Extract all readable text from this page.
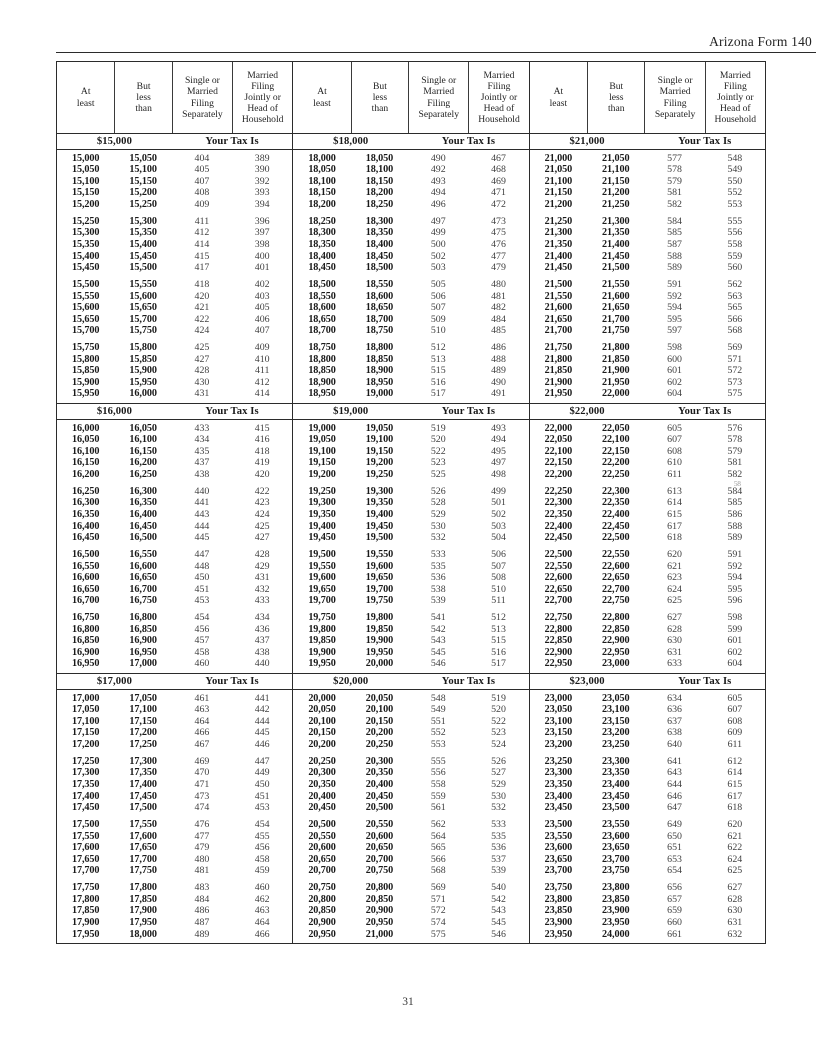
Arizona Form 140
At
least
But
less
than
Single or
Married
Filing
Separately
Married
Filing
Jointly or
Head of
Household
$15,000	Your Tax Is
15,000	15,050	404	389
15,050	15,100	405	390
15,100	15,150	407	392
15,150	15,200	408	393
15,200	15,250	409	394
15,250	15,300	411	396
15,300	15,350	412	397
15,350	15,400	414	398
15,400	15,450	415	400
15,450	15,500	417	401
15,500	15,550	418	402
15,550	15,600	420	403
15,600	15,650	421	405
15,650	15,700	422	406
15,700	15,750	424	407
15,750	15,800	425	409
15,800	15,850	427	410
15,850	15,900	428	411
15,900	15,950	430	412
15,950	16,000	431	414
$16,000	Your Tax Is
16,000	16,050	433	415
16,050	16,100	434	416
16,100	16,150	435	418
16,150	16,200	437	419
16,200	16,250	438	420
16,250	16,300	440	422
16,300	16,350	441	423
16,350	16,400	443	424
16,400	16,450	444	425
16,450	16,500	445	427
16,500	16,550	447	428
16,550	16,600	448	429
16,600	16,650	450	431
16,650	16,700	451	432
16,700	16,750	453	433
16,750	16,800	454	434
16,800	16,850	456	436
16,850	16,900	457	437
16,900	16,950	458	438
16,950	17,000	460	440
$17,000	Your Tax Is
17,000	17,050	461	441
17,050	17,100	463	442
17,100	17,150	464	444
17,150	17,200	466	445
17,200	17,250	467	446
17,250	17,300	469	447
17,300	17,350	470	449
17,350	17,400	471	450
17,400	17,450	473	451
17,450	17,500	474	453
17,500	17,550	476	454
17,550	17,600	477	455
17,600	17,650	479	456
17,650	17,700	480	458
17,700	17,750	481	459
17,750	17,800	483	460
17,800	17,850	484	462
17,850	17,900	486	463
17,900	17,950	487	464
17,950	18,000	489	466
At
least
But
less
than
Single or
Married
Filing
Separately
Married
Filing
Jointly or
Head of
Household
$18,000	Your Tax Is
18,000	18,050	490	467
18,050	18,100	492	468
18,100	18,150	493	469
18,150	18,200	494	471
18,200	18,250	496	472
18,250	18,300	497	473
18,300	18,350	499	475
18,350	18,400	500	476
18,400	18,450	502	477
18,450	18,500	503	479
18,500	18,550	505	480
18,550	18,600	506	481
18,600	18,650	507	482
18,650	18,700	509	484
18,700	18,750	510	485
18,750	18,800	512	486
18,800	18,850	513	488
18,850	18,900	515	489
18,900	18,950	516	490
18,950	19,000	517	491
$19,000	Your Tax Is
19,000	19,050	519	493
19,050	19,100	520	494
19,100	19,150	522	495
19,150	19,200	523	497
19,200	19,250	525	498
19,250	19,300	526	499
19,300	19,350	528	501
19,350	19,400	529	502
19,400	19,450	530	503
19,450	19,500	532	504
19,500	19,550	533	506
19,550	19,600	535	507
19,600	19,650	536	508
19,650	19,700	538	510
19,700	19,750	539	511
19,750	19,800	541	512
19,800	19,850	542	513
19,850	19,900	543	515
19,900	19,950	545	516
19,950	20,000	546	517
$20,000	Your Tax Is
20,000	20,050	548	519
20,050	20,100	549	520
20,100	20,150	551	522
20,150	20,200	552	523
20,200	20,250	553	524
20,250	20,300	555	526
20,300	20,350	556	527
20,350	20,400	558	529
20,400	20,450	559	530
20,450	20,500	561	532
20,500	20,550	562	533
20,550	20,600	564	535
20,600	20,650	565	536
20,650	20,700	566	537
20,700	20,750	568	539
20,750	20,800	569	540
20,800	20,850	571	542
20,850	20,900	572	543
20,900	20,950	574	545
20,950	21,000	575	546
At
least
But
less
than
Single or
Married
Filing
Separately
Married
Filing
Jointly or
Head of
Household
$21,000	Your Tax Is
21,000	21,050	577	548
21,050	21,100	578	549
21,100	21,150	579	550
21,150	21,200	581	552
21,200	21,250	582	553
21,250	21,300	584	555
21,300	21,350	585	556
21,350	21,400	587	558
21,400	21,450	588	559
21,450	21,500	589	560
21,500	21,550	591	562
21,550	21,600	592	563
21,600	21,650	594	565
21,650	21,700	595	566
21,700	21,750	597	568
21,750	21,800	598	569
21,800	21,850	600	571
21,850	21,900	601	572
21,900	21,950	602	573
21,950	22,000	604	575
$22,000	Your Tax Is
22,000	22,050	605	576
22,050	22,100	607	578
22,100	22,150	608	579
22,150	22,200	610	581
22,200	22,250	611	582
22,250	22,300	613	584
58
22,300	22,350	614	585
22,350	22,400	615	586
22,400	22,450	617	588
22,450	22,500	618	589
22,500	22,550	620	591
22,550	22,600	621	592
22,600	22,650	623	594
22,650	22,700	624	595
22,700	22,750	625	596
22,750	22,800	627	598
22,800	22,850	628	599
22,850	22,900	630	601
22,900	22,950	631	602
22,950	23,000	633	604
$23,000	Your Tax Is
23,000	23,050	634	605
23,050	23,100	636	607
23,100	23,150	637	608
23,150	23,200	638	609
23,200	23,250	640	611
23,250	23,300	641	612
23,300	23,350	643	614
23,350	23,400	644	615
23,400	23,450	646	617
23,450	23,500	647	618
23,500	23,550	649	620
23,550	23,600	650	621
23,600	23,650	651	622
23,650	23,700	653	624
23,700	23,750	654	625
23,750	23,800	656	627
23,800	23,850	657	628
23,850	23,900	659	630
23,900	23,950	660	631
23,950	24,000	661	632
31
